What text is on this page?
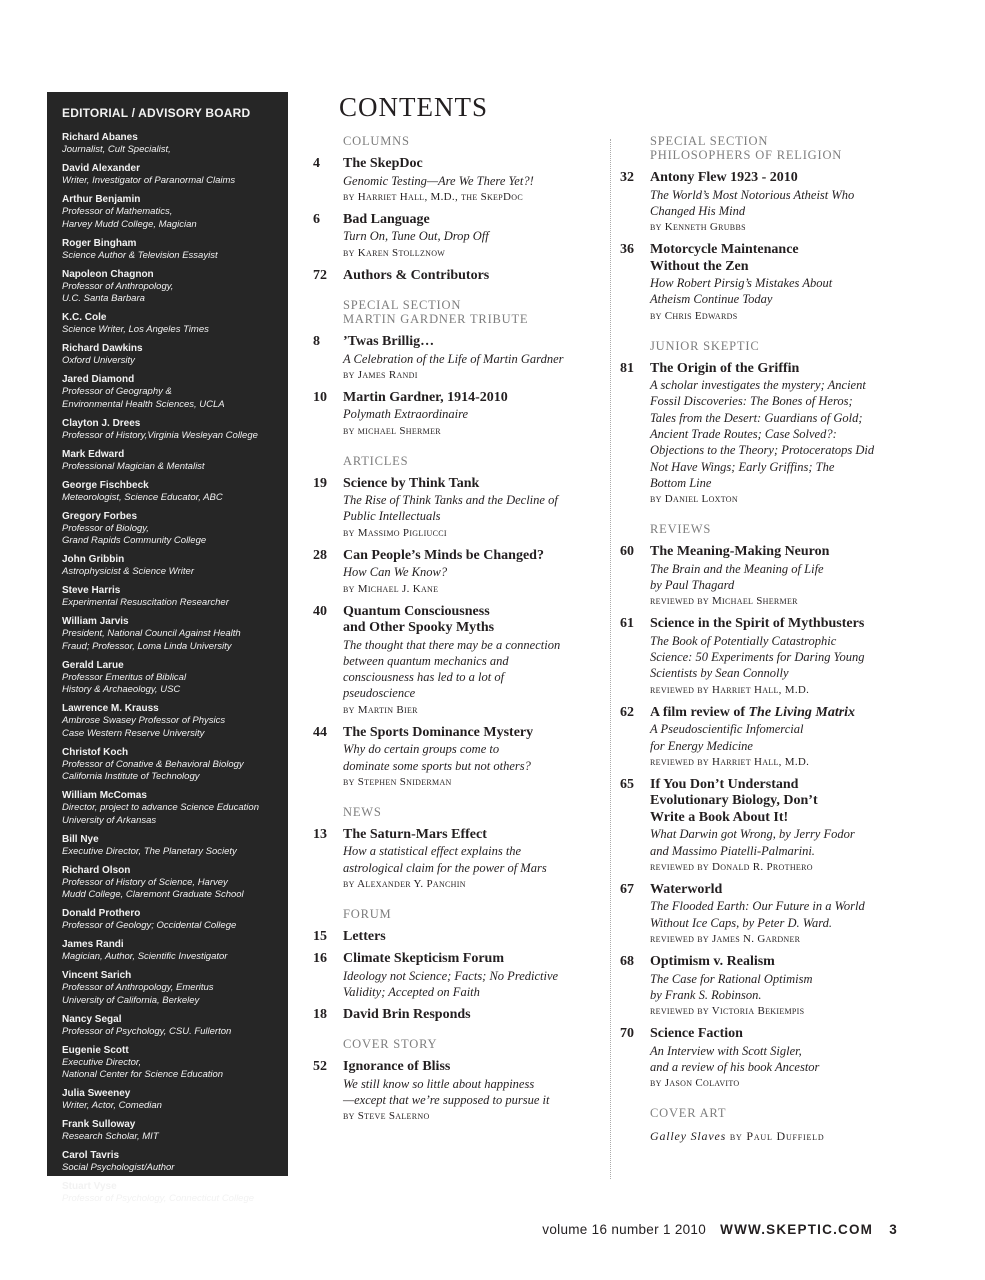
EDITORIAL / ADVISORY BOARD
Richard Abanes
Journalist, Cult Specialist,
David Alexander
Writer, Investigator of Paranormal Claims
Arthur Benjamin
Professor of Mathematics,
Harvey Mudd College, Magician
Roger Bingham
Science Author & Television Essayist
Napoleon Chagnon
Professor of Anthropology,
U.C. Santa Barbara
K.C. Cole
Science Writer, Los Angeles Times
Richard Dawkins
Oxford University
Jared Diamond
Professor of Geography &
Environmental Health Sciences, UCLA
Clayton J. Drees
Professor of History,Virginia Wesleyan College
Mark Edward
Professional Magician & Mentalist
George Fischbeck
Meteorologist, Science Educator, ABC
Gregory Forbes
Professor of Biology,
Grand Rapids Community College
John Gribbin
Astrophysicist & Science Writer
Steve Harris
Experimental Resuscitation Researcher
William Jarvis
President, National Council Against Health
Fraud; Professor, Loma Linda University
Gerald Larue
Professor Emeritus of Biblical
History & Archaeology, USC
Lawrence M. Krauss
Ambrose Swasey Professor of Physics
Case Western Reserve University
Christof Koch
Professor of Conative & Behavioral Biology
California Institute of Technology
William McComas
Director, project to advance Science Education
University of Arkansas
Bill Nye
Executive Director, The Planetary Society
Richard Olson
Professor of History of Science, Harvey
Mudd College, Claremont Graduate School
Donald Prothero
Professor of Geology; Occidental College
James Randi
Magician, Author, Scientific Investigator
Vincent Sarich
Professor of Anthropology, Emeritus
University of California, Berkeley
Nancy Segal
Professor of Psychology, CSU. Fullerton
Eugenie Scott
Executive Director,
National Center for Science Education
Julia Sweeney
Writer, Actor, Comedian
Frank Sulloway
Research Scholar, MIT
Carol Tavris
Social Psychologist/Author
Stuart Vyse
Professor of Psychology, Connecticut College
CONTENTS
COLUMNS
4	The SkepDoc
Genomic Testing—Are We There Yet?!
by Harriet Hall, M.D., the SkepDoc
6	Bad Language
Turn On, Tune Out, Drop Off
by Karen Stollznow
72	Authors & Contributors
SPECIAL SECTION
MARTIN GARDNER TRIBUTE
8	’Twas Brillig…
A Celebration of the Life of Martin Gardner
by James Randi
10	Martin Gardner, 1914-2010
Polymath Extraordinaire
by michael Shermer
ARTICLES
19	Science by Think Tank
The Rise of Think Tanks and the Decline of
Public Intellectuals
by Massimo Pigliucci
28	Can People’s Minds be Changed?
How Can We Know?
by Michael J. Kane
40	Quantum Consciousness
and Other Spooky Myths
The thought that there may be a connection
between quantum mechanics and
consciousness has led to a lot of
pseudoscience
by Martin Bier
44	The Sports Dominance Mystery
Why do certain groups come to
dominate some sports but not others?
by Stephen Sniderman
NEWS
13	The Saturn-Mars Effect
How a statistical effect explains the
astrological claim for the power of Mars
by Alexander Y. Panchin
FORUM
15	Letters
16	Climate Skepticism Forum
Ideology not Science; Facts; No Predictive
Validity; Accepted on Faith
18	David Brin Responds
COVER STORY
52	Ignorance of Bliss
We still know so little about happiness
—except that we’re supposed to pursue it
by Steve Salerno
SPECIAL SECTION
PHILOSOPHERS OF RELIGION
32	Antony Flew 1923 - 2010
The World’s Most Notorious Atheist Who
Changed His Mind
by Kenneth Grubbs
36	Motorcycle Maintenance
Without the Zen
How Robert Pirsig’s Mistakes About
Atheism Continue Today
by Chris Edwards
JUNIOR SKEPTIC
81	The Origin of the Griffin
A scholar investigates the mystery; Ancient
Fossil Discoveries: The Bones of Heros;
Tales from the Desert: Guardians of Gold;
Ancient Trade Routes; Case Solved?:
Objections to the Theory; Protoceratops Did
Not Have Wings; Early Griffins; The
Bottom Line
by Daniel Loxton
REVIEWS
60	The Meaning-Making Neuron
The Brain and the Meaning of Life
by Paul Thagard
reviewed by Michael Shermer
61	Science in the Spirit of Mythbusters
The Book of Potentially Catastrophic
Science: 50 Experiments for Daring Young
Scientists by Sean Connolly
reviewed by Harriet Hall, M.D.
62	A film review of The Living Matrix
A Pseudoscientific Infomercial
for Energy Medicine
reviewed by Harriet Hall, M.D.
65	If You Don’t Understand
Evolutionary Biology, Don’t
Write a Book About It!
What Darwin got Wrong, by Jerry Fodor
and Massimo Piatelli-Palmarini.
reviewed by Donald R. Prothero
67	Waterworld
The Flooded Earth: Our Future in a World
Without Ice Caps, by Peter D. Ward.
reviewed by James N. Gardner
68	Optimism v. Realism
The Case for Rational Optimism
by Frank S. Robinson.
reviewed by Victoria Bekiempis
70	Science Faction
An Interview with Scott Sigler,
and a review of his book Ancestor
by Jason Colavito
COVER ART
Galley Slaves by Paul Duffield
volume 16 number 1 2010 WWW.SKEPTIC.COM 3
